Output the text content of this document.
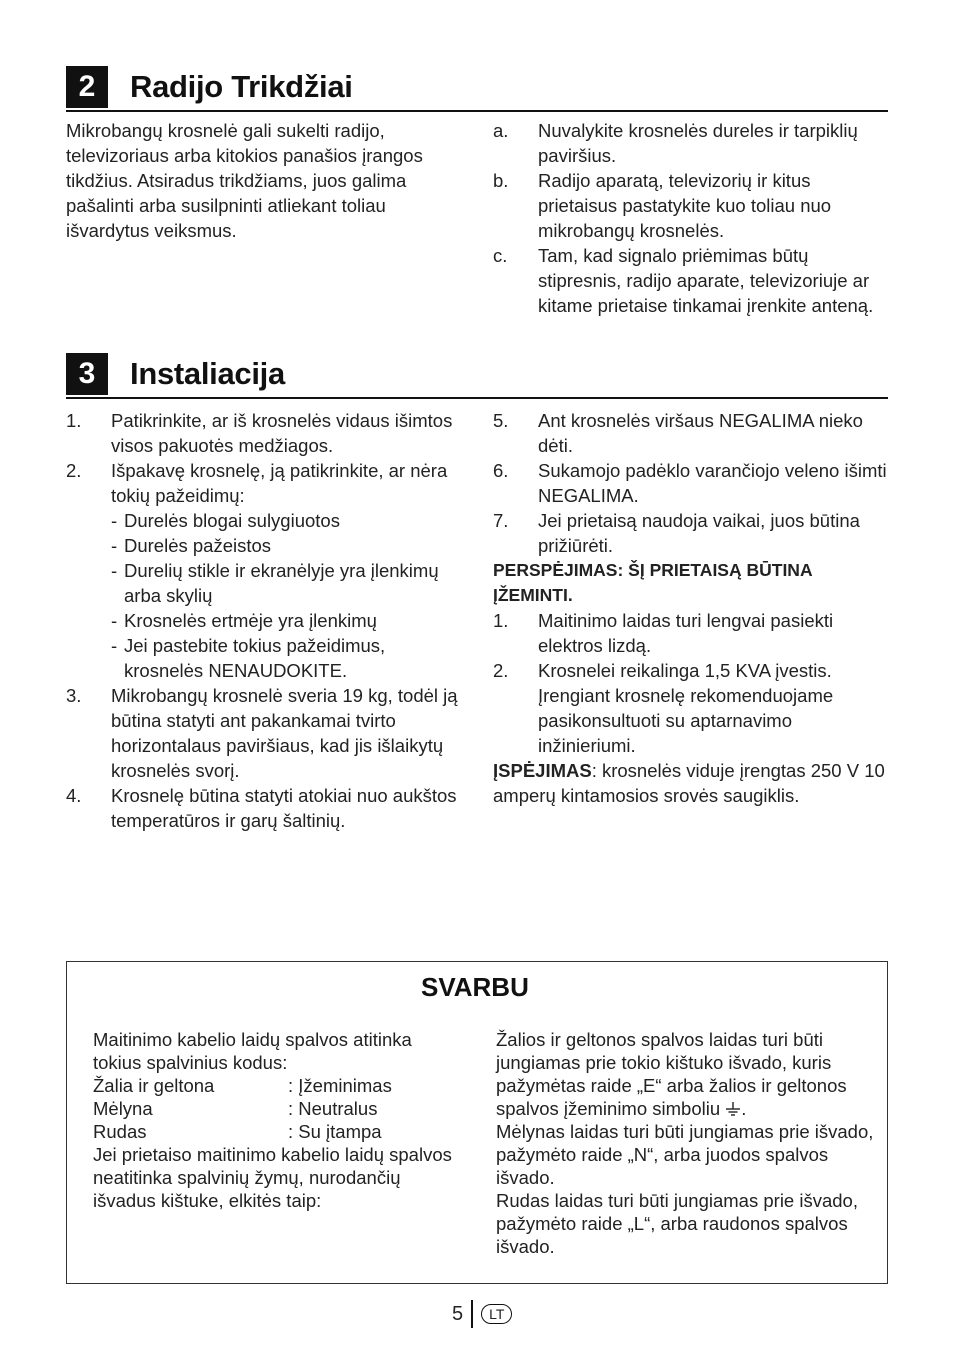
2	Radijo Trikdžiai

Mikrobangų krosnelė gali sukelti radijo, televizoriaus arba kitokios panašios įrangos tikdžius. Atsiradus trikdžiams, juos galima pašalinti arba susilpninti atliekant toliau išvardytus veiksmus.

a. Nuvalykite krosnelės dureles ir tarpiklių paviršius.
b. Radijo aparatą, televizorių ir kitus prietaisus pastatykite kuo toliau nuo mikrobangų krosnelės.
c. Tam, kad signalo priėmimas būtų stipresnis, radijo aparate, televizoriuje ar kitame prietaise tinkamai įrenkite anteną.
3	Instaliacija
1. Patikrinkite, ar iš krosnelės vidaus išimtos visos pakuotės medžiagos.
2. Išpakavę krosnelę, ją patikrinkite, ar nėra tokių pažeidimų:
- Durelės blogai sulygiuotos
- Durelės pažeistos
- Durelių stikle ir ekranėlyje yra įlenkimų arba skylių
- Krosnelės ertmėje yra įlenkimų
- Jei pastebite tokius pažeidimus, krosnelės NENAUDOKITE.
3. Mikrobangų krosnelė sveria 19 kg, todėl ją būtina statyti ant pakankamai tvirto horizontalaus paviršiaus, kad jis išlaikytų krosnelės svorį.
4. Krosnelę būtina statyti atokiai nuo aukštos temperatūros ir garų šaltinių.
5. Ant krosnelės viršaus NEGALIMA nieko dėti.
6. Sukamojo padėklo varančiojo veleno išimti NEGALIMA.
7. Jei prietaisą naudoja vaikai, juos būtina prižiūrėti.
PERSPĖJIMAS: ŠĮ PRIETAISĄ BŪTINA ĮŽEMINTI.
1. Maitinimo laidas turi lengvai pasiekti elektros lizdą.
2. Krosnelei reikalinga 1,5 KVA įvestis. Įrengiant krosnelę rekomenduojame pasikonsultuoti su aptarnavimo inžinieriumi.

ĮSPĖJIMAS: krosnelės viduje įrengtas 250 V 10 amperų kintamosios srovės saugiklis.

SVARBU
Maitinimo kabelio laidų spalvos atitinka tokius spalvinius kodus:
Žalia ir geltona	: Įžeminimas
Mėlyna	: Neutralus
Rudas	: Su įtampa
Jei prietaiso maitinimo kabelio laidų spalvos neatitinka spalvinių žymų, nurodančių išvadus kištuke, elkitės taip:
Žalios ir geltonos spalvos laidas turi būti jungiamas prie tokio kištuko išvado, kuris pažymėtas raide „E“ arba žalios ir geltonos spalvos įžeminimo simboliu .
Mėlynas laidas turi būti jungiamas prie išvado, pažymėto raide „N“, arba juodos spalvos išvado.
Rudas laidas turi būti jungiamas prie išvado, pažymėto raide „L“, arba raudonos spalvos išvado.
5	LT
